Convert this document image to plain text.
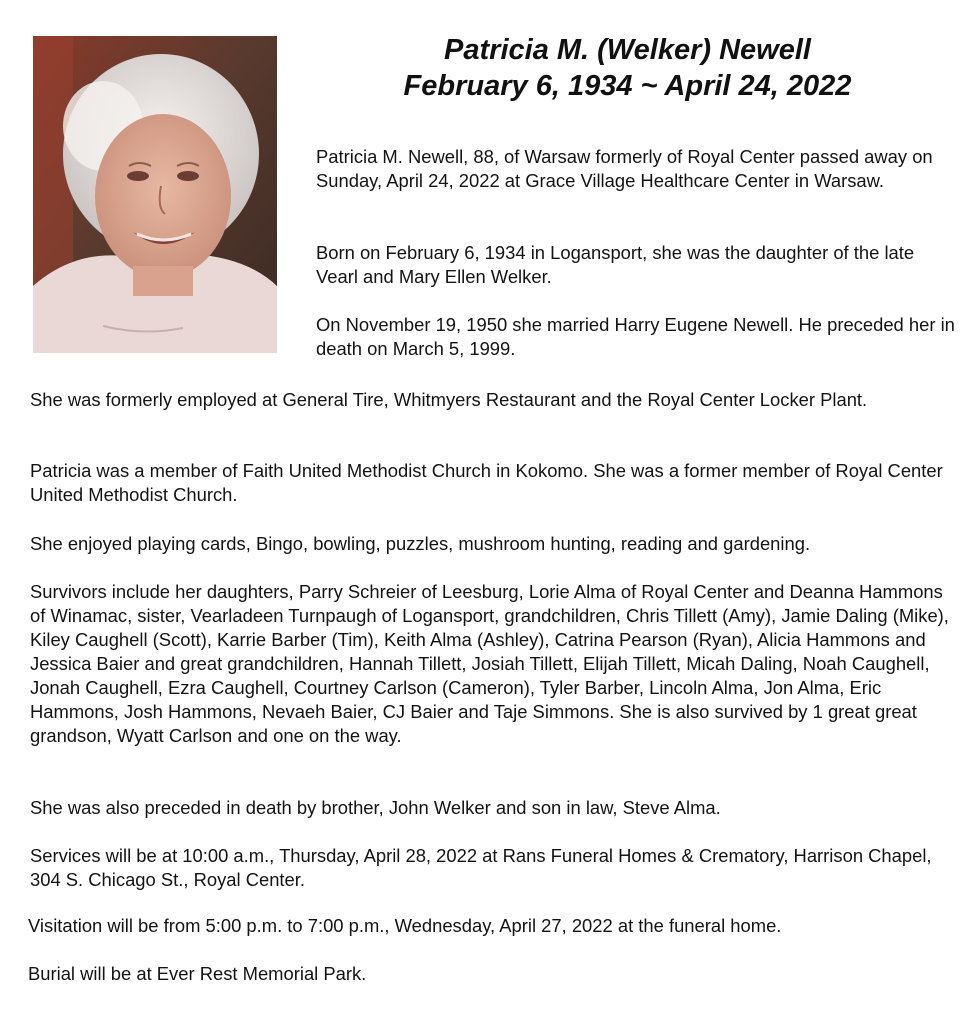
Patricia M. (Welker) Newell
February 6, 1934 ~ April 24, 2022

Patricia M. Newell, 88, of Warsaw formerly of Royal Center passed away on Sunday, April 24, 2022 at Grace Village Healthcare Center in Warsaw.

Born on February 6, 1934 in Logansport, she was the daughter of the late Vearl and Mary Ellen Welker.

On November 19, 1950 she married Harry Eugene Newell. He preceded her in death on March 5, 1999.

She was formerly employed at General Tire, Whitmyers Restaurant and the Royal Center Locker Plant.

Patricia was a member of Faith United Methodist Church in Kokomo. She was a former member of Royal Center United Methodist Church.

She enjoyed playing cards, Bingo, bowling, puzzles, mushroom hunting, reading and gardening.

Survivors include her daughters, Parry Schreier of Leesburg, Lorie Alma of Royal Center and Deanna Hammons of Winamac, sister, Vearladeen Turnpaugh of Logansport, grandchildren, Chris Tillett (Amy), Jamie Daling (Mike), Kiley Caughell (Scott), Karrie Barber (Tim), Keith Alma (Ashley), Catrina Pearson (Ryan), Alicia Hammons and Jessica Baier and great grandchildren, Hannah Tillett, Josiah Tillett, Elijah Tillett, Micah Daling, Noah Caughell, Jonah Caughell, Ezra Caughell, Courtney Carlson (Cameron), Tyler Barber, Lincoln Alma, Jon Alma, Eric Hammons, Josh Hammons, Nevaeh Baier, CJ Baier and Taje Simmons. She is also survived by 1 great great grandson, Wyatt Carlson and one on the way.

She was also preceded in death by brother, John Welker and son in law, Steve Alma.

Services will be at 10:00 a.m., Thursday, April 28, 2022 at Rans Funeral Homes & Crematory, Harrison Chapel, 304 S. Chicago St., Royal Center.

Visitation will be from 5:00 p.m. to 7:00 p.m., Wednesday, April 27, 2022 at the funeral home.

Burial will be at Ever Rest Memorial Park.
